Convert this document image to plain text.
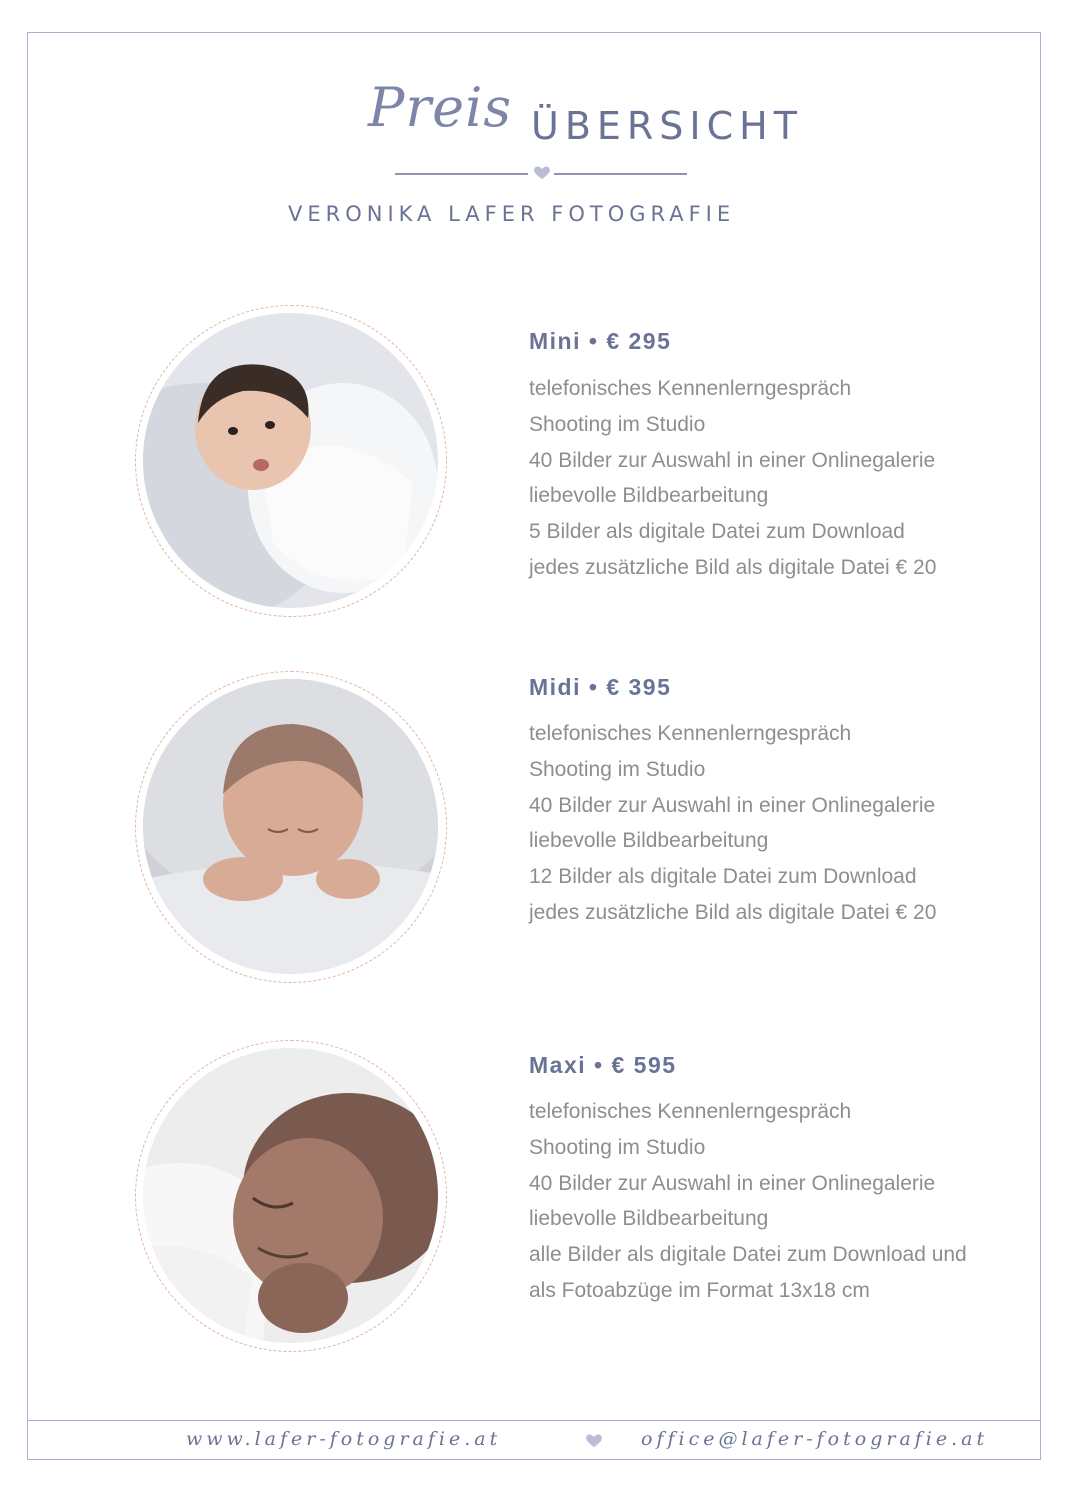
Preis ÜBERSICHT
VERONIKA LAFER FOTOGRAFIE
Mini • € 295
telefonisches Kennenlerngespräch
Shooting im Studio
40 Bilder zur Auswahl in einer Onlinegalerie
liebevolle Bildbearbeitung
5 Bilder als digitale Datei zum Download
jedes zusätzliche Bild als digitale Datei € 20
Midi • € 395
telefonisches Kennenlerngespräch
Shooting im Studio
40 Bilder zur Auswahl in einer Onlinegalerie
liebevolle Bildbearbeitung
12 Bilder als digitale Datei zum Download
jedes zusätzliche Bild als digitale Datei € 20
Maxi • € 595
telefonisches Kennenlerngespräch
Shooting im Studio
40 Bilder zur Auswahl in einer Onlinegalerie
liebevolle Bildbearbeitung
alle Bilder als digitale Datei zum Download und
als Fotoabzüge im Format 13x18 cm
www.lafer-fotografie.at	office@lafer-fotografie.at
